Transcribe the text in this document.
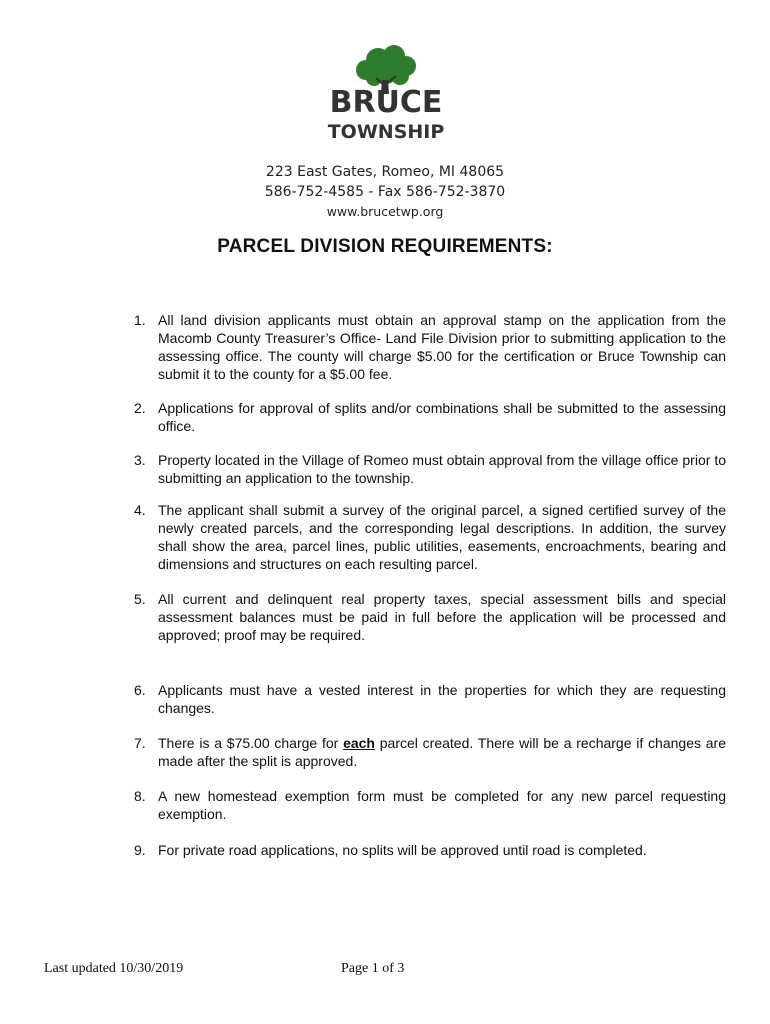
BRUCE
TOWNSHIP
223 East Gates, Romeo, MI 48065
586-752-4585 - Fax 586-752-3870
www.brucetwp.org
PARCEL DIVISION REQUIREMENTS:
1. All land division applicants must obtain an approval stamp on the application from the Macomb County Treasurer’s Office- Land File Division prior to submitting application to the assessing office. The county will charge $5.00 for the certification or Bruce Township can submit it to the county for a $5.00 fee.
2. Applications for approval of splits and/or combinations shall be submitted to the assessing office.
3. Property located in the Village of Romeo must obtain approval from the village office prior to submitting an application to the township.
4. The applicant shall submit a survey of the original parcel, a signed certified survey of the newly created parcels, and the corresponding legal descriptions. In addition, the survey shall show the area, parcel lines, public utilities, easements, encroachments, bearing and dimensions and structures on each resulting parcel.
5. All current and delinquent real property taxes, special assessment bills and special assessment balances must be paid in full before the application will be processed and approved; proof may be required.
6. Applicants must have a vested interest in the properties for which they are requesting changes.
7. There is a $75.00 charge for each parcel created. There will be a recharge if changes are made after the split is approved.
8. A new homestead exemption form must be completed for any new parcel requesting exemption.
9. For private road applications, no splits will be approved until road is completed.
Last updated 10/30/2019	Page 1 of 3
